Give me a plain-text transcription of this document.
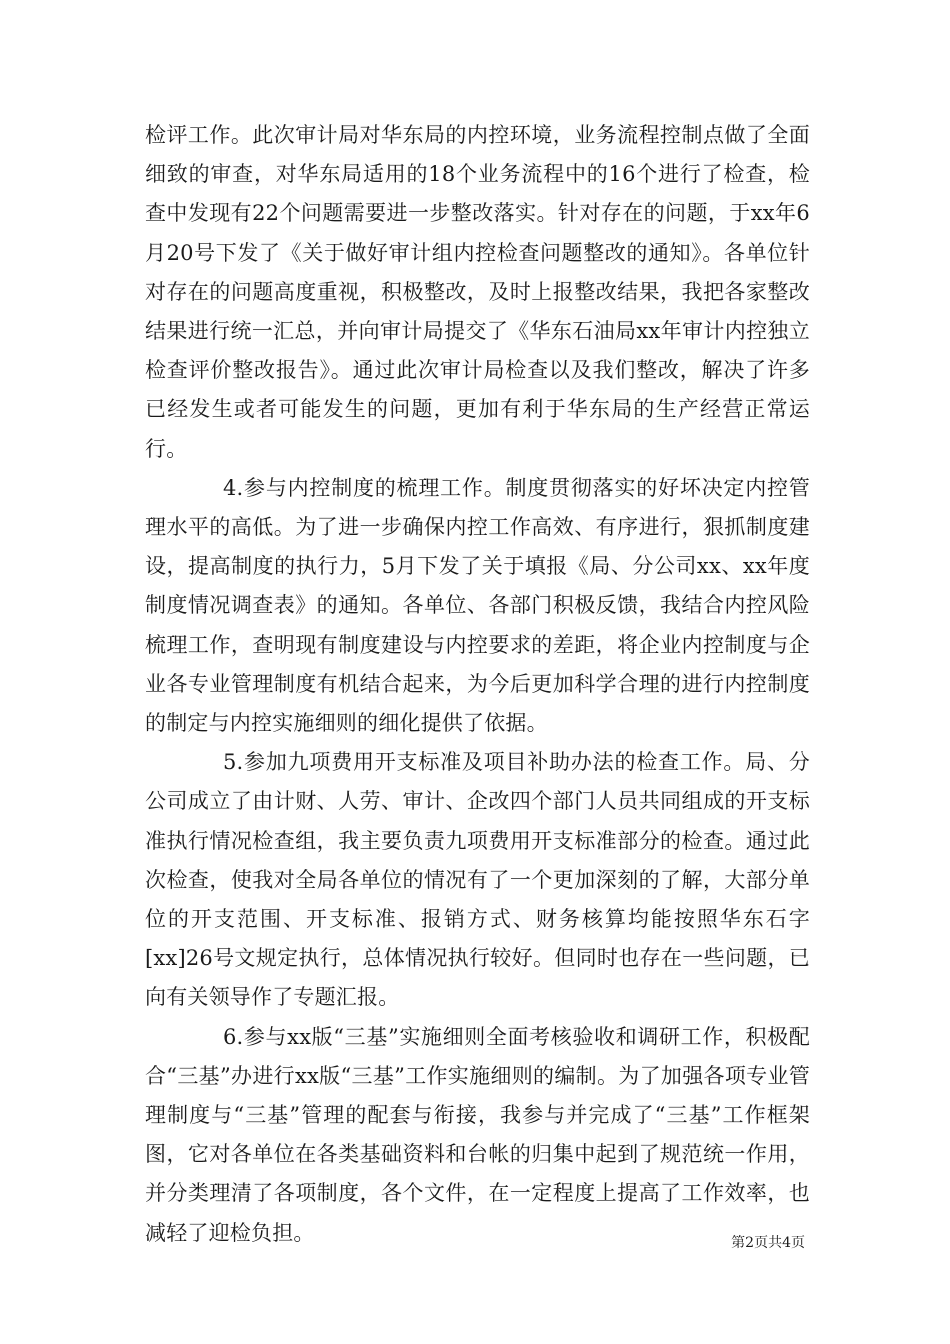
检评工作。此次审计局对华东局的内控环境，业务流程控制点做了全面细致的审查，对华东局适用的18个业务流程中的16个进行了检查，检查中发现有22个问题需要进一步整改落实。针对存在的问题，于xx年6月20号下发了《关于做好审计组内控检查问题整改的通知》。各单位针对存在的问题高度重视，积极整改，及时上报整改结果，我把各家整改结果进行统一汇总，并向审计局提交了《华东石油局xx年审计内控独立检查评价整改报告》。通过此次审计局检查以及我们整改，解决了许多已经发生或者可能发生的问题，更加有利于华东局的生产经营正常运行。

4.参与内控制度的梳理工作。制度贯彻落实的好坏决定内控管理水平的高低。为了进一步确保内控工作高效、有序进行，狠抓制度建设，提高制度的执行力，5月下发了关于填报《局、分公司xx、xx年度制度情况调查表》的通知。各单位、各部门积极反馈，我结合内控风险梳理工作，查明现有制度建设与内控要求的差距，将企业内控制度与企业各专业管理制度有机结合起来，为今后更加科学合理的进行内控制度的制定与内控实施细则的细化提供了依据。

5.参加九项费用开支标准及项目补助办法的检查工作。局、分公司成立了由计财、人劳、审计、企改四个部门人员共同组成的开支标准执行情况检查组，我主要负责九项费用开支标准部分的检查。通过此次检查，使我对全局各单位的情况有了一个更加深刻的了解，大部分单位的开支范围、开支标准、报销方式、财务核算均能按照华东石字[xx]26号文规定执行，总体情况执行较好。但同时也存在一些问题，已向有关领导作了专题汇报。

6.参与xx版“三基”实施细则全面考核验收和调研工作，积极配合“三基”办进行xx版“三基”工作实施细则的编制。为了加强各项专业管理制度与“三基”管理的配套与衔接，我参与并完成了“三基”工作框架图，它对各单位在各类基础资料和台帐的归集中起到了规范统一作用，并分类理清了各项制度，各个文件，在一定程度上提高了工作效率，也减轻了迎检负担。	第2页共4页
